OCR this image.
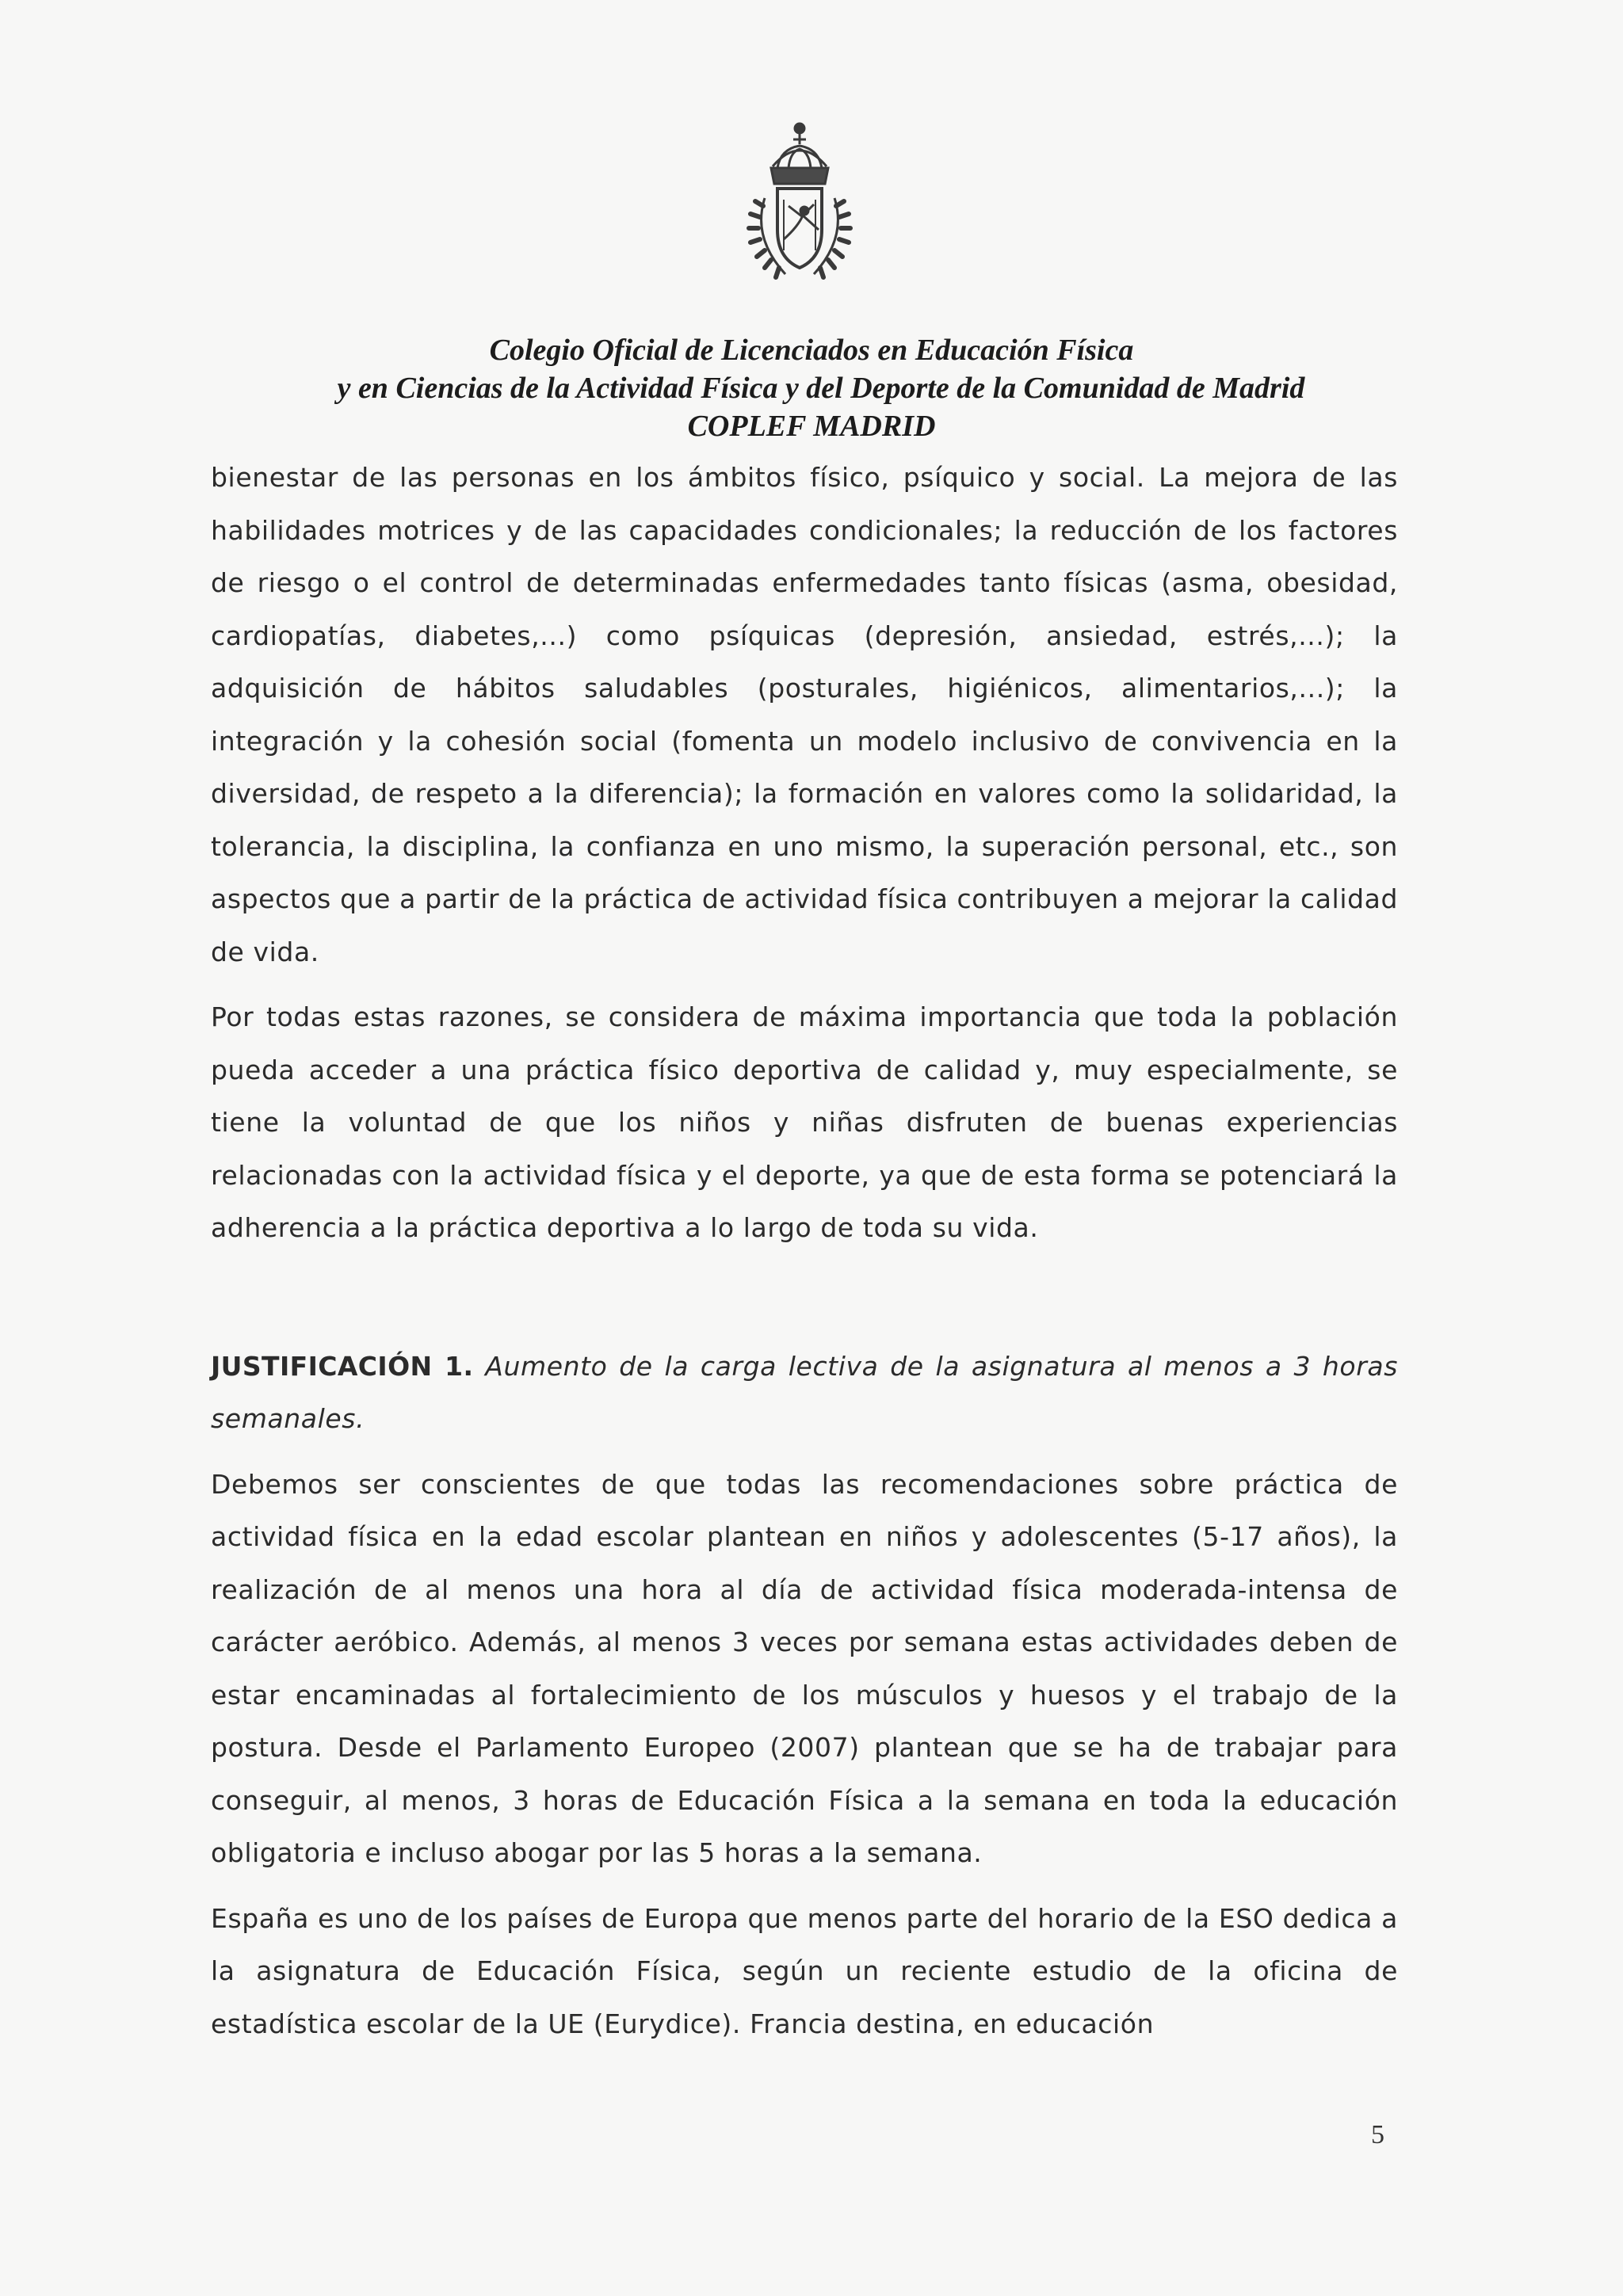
Colegio Oficial de Licenciados en Educación Física
y en Ciencias de la Actividad Física y del Deporte de la Comunidad de Madrid
COPLEF MADRID

bienestar de las personas en los ámbitos físico, psíquico y social. La mejora de las habilidades motrices y de las capacidades condicionales; la reducción de los factores de riesgo o el control de determinadas enfermedades tanto físicas (asma, obesidad, cardiopatías, diabetes,...) como psíquicas (depresión, ansiedad, estrés,...); la adquisición de hábitos saludables (posturales, higiénicos, alimentarios,...); la integración y la cohesión social (fomenta un modelo inclusivo de convivencia en la diversidad, de respeto a la diferencia); la formación en valores como la solidaridad, la tolerancia, la disciplina, la confianza en uno mismo, la superación personal, etc., son aspectos que a partir de la práctica de actividad física contribuyen a mejorar la calidad de vida.

Por todas estas razones, se considera de máxima importancia que toda la población pueda acceder a una práctica físico deportiva de calidad y, muy especialmente, se tiene la voluntad de que los niños y niñas disfruten de buenas experiencias relacionadas con la actividad física y el deporte, ya que de esta forma se potenciará la adherencia a la práctica deportiva a lo largo de toda su vida.

JUSTIFICACIÓN 1. Aumento de la carga lectiva de la asignatura al menos a 3 horas semanales.

Debemos ser conscientes de que todas las recomendaciones sobre práctica de actividad física en la edad escolar plantean en niños y adolescentes (5-17 años), la realización de al menos una hora al día de actividad física moderada-intensa de carácter aeróbico. Además, al menos 3 veces por semana estas actividades deben de estar encaminadas al fortalecimiento de los músculos y huesos y el trabajo de la postura. Desde el Parlamento Europeo (2007) plantean que se ha de trabajar para conseguir, al menos, 3 horas de Educación Física a la semana en toda la educación obligatoria e incluso abogar por las 5 horas a la semana.

España es uno de los países de Europa que menos parte del horario de la ESO dedica a la asignatura de Educación Física, según un reciente estudio de la oficina de estadística escolar de la UE (Eurydice). Francia destina, en educación

5
